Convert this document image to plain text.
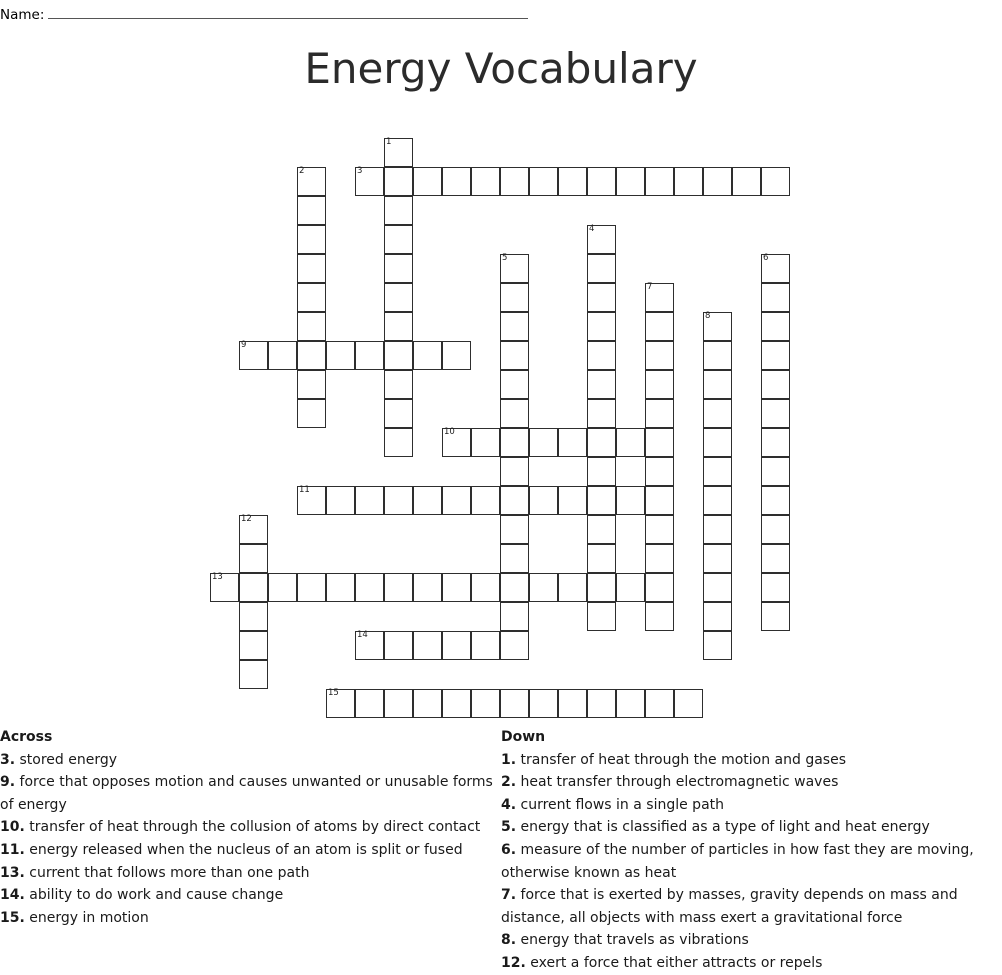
Name:
Energy Vocabulary
1
2	3
4
5	6
7
8
9
10
11
12
13
14
15
Across
3. stored energy
9. force that opposes motion and causes unwanted or unusable forms of energy
10. transfer of heat through the collusion of atoms by direct contact
11. energy released when the nucleus of an atom is split or fused
13. current that follows more than one path
14. ability to do work and cause change
15. energy in motion
Down
1. transfer of heat through the motion and gases
2. heat transfer through electromagnetic waves
4. current flows in a single path
5. energy that is classified as a type of light and heat energy
6. measure of the number of particles in how fast they are moving, otherwise known as heat
7. force that is exerted by masses, gravity depends on mass and distance, all objects with mass exert a gravitational force
8. energy that travels as vibrations
12. exert a force that either attracts or repels
